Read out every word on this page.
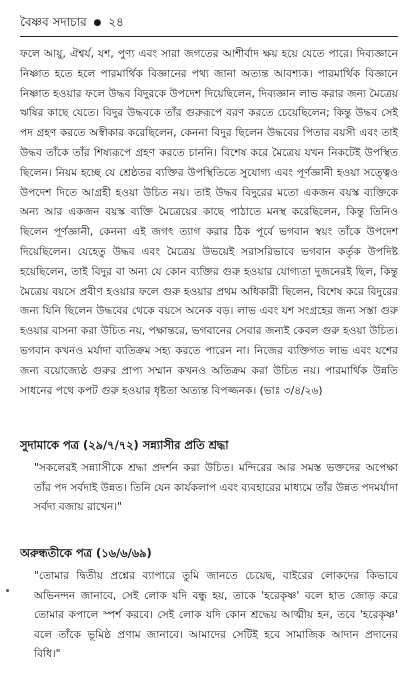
বৈষ্ণব সদাচার ● ২৪

ফলে আয়ু, ঐশ্বর্য, যশ, পুণ্য এবং সারা জগতের আশীর্বাদ ক্ষয় হয়ে যেতে পারে। দিব্যজ্ঞানে নিষ্ণাত হতে হলে পারমার্থিক বিজ্ঞানের পথ্য জানা অত্যন্ত আবশ্যক। পারমার্থিক বিজ্ঞানে নিষ্ণাত হওয়ার ফলে উদ্ধব বিদুরকে উপদেশ দিয়েছিলেন, দিব্যজ্ঞান লাভ করার জন্য মৈত্রেয় ঋষির কাছে যেতে। বিদুর উদ্ধবকে তাঁর গুরুরূপে বরণ করতে চেয়েছিলেন; কিন্তু উদ্ধব সেই পদ গ্রহণ করতে অস্বীকার করেছিলেন, কেননা বিদুর ছিলেন উদ্ধবের পিতার বয়সী এবং তাই উদ্ধব তাঁকে তাঁর শিষ্যরূপে গ্রহণ করতে চাননি। বিশেষ করে মৈত্রেয় যখন নিকটেই উপস্থিত ছিলেন। নিয়ম হচ্ছে যে শ্রেষ্ঠতর ব্যক্তির উপস্থিতিতে সুযোগ্য এবং পূর্ণজ্ঞানী হওয়া সত্ত্বেও উপদেশ দিতে আগ্রহী হওয়া উচিত নয়। তাই উদ্ধব বিদুরের মতো একজন বয়স্ক ব্যক্তিকে অন্য আর একজন বয়স্ক ব্যক্তি মৈত্রেয়ের কাছে পাঠাতে মনস্থ করেছিলেন, কিন্তু তিনিও ছিলেন পূর্ণজ্ঞানী, কেননা এই জগৎ ত্যাগ করার ঠিক পূর্বে ভগবান স্বয়ং তাঁকে উপদেশ দিয়েছিলেন। যেহেতু উদ্ধব এবং মৈত্রেয় উভয়েই সরাসরিভাবে ভগবান কর্তৃক উপদিষ্ট হয়েছিলেন, তাই বিদুর বা অন্য যে কোন ব্যক্তির গুরু হওয়ার যোগ্যতা দুজনেরই ছিল, কিন্তু মৈত্রেয় বয়সে প্রবীণ হওয়ার ফলে গুরু হওয়ার প্রথম অধিকারী ছিলেন, বিশেষ করে বিদুরের জন্য যিনি ছিলেন উদ্ধবের থেকে বয়সে অনেক বড়। লাভ এবং যশ সংগ্রহের জন্য সস্তা গুরু হওয়ার বাসনা করা উচিত নয়, পক্ষান্তরে, ভগবানের সেবার জন্যই কেবল গুরু হওয়া উচিত। ভগবান কখনও মর্যাদা ব্যতিক্রম সহ্য করতে পারেন না। নিজের ব্যক্তিগত লাভ এবং যশের জন্য বয়োজ্যেষ্ঠ গুরুর প্রাপ্য সম্মান কখনও অতিক্রম করা উচিত নয়। পারমার্থিক উন্নতি সাধনের পথে কপট গুরু হওয়ার ধৃষ্টতা অত্যন্ত বিপজ্জনক। (ভাঃ ৩/৪/২৬)

সুদামাকে পত্র (২৯/৭/৭২) সন্ন্যাসীর প্রতি শ্রদ্ধা

"সকলেরই সন্ন্যাসীকে শ্রদ্ধা প্রদর্শন করা উচিত। মন্দিরের আর সমস্ত ভক্তদের অপেক্ষা তাঁর পদ সর্বদাই উন্নত। তিনি যেন কার্যকলাপ এবং ব্যবহারের মাধ্যমে তাঁর উন্নত পদমর্যাদা সর্বদা বজায় রাখেন।"

অরুন্ধতীকে পত্র (১৬/৬/৬৯)

"তোমার দ্বিতীয় প্রশ্নের ব্যাপারে তুমি জানতে চেয়েছ, বাইরের লোকদের কিভাবে অভিনন্দন জানাবে, সেই লোক যদি বন্ধু হয়, তাকে 'হরেকৃষ্ণ' বলে হাত জোড় করে তোমার কপালে স্পর্শ করবে। সেই লোক যদি কোন শ্রদ্ধেয় আত্মীয় হন, তবে 'হরেকৃষ্ণ' বলে তাঁকে ভূমিষ্ঠ প্রণাম জানাবে। আমাদের সেটিই হবে সামাজিক আদান প্রদানের বিধি।"
